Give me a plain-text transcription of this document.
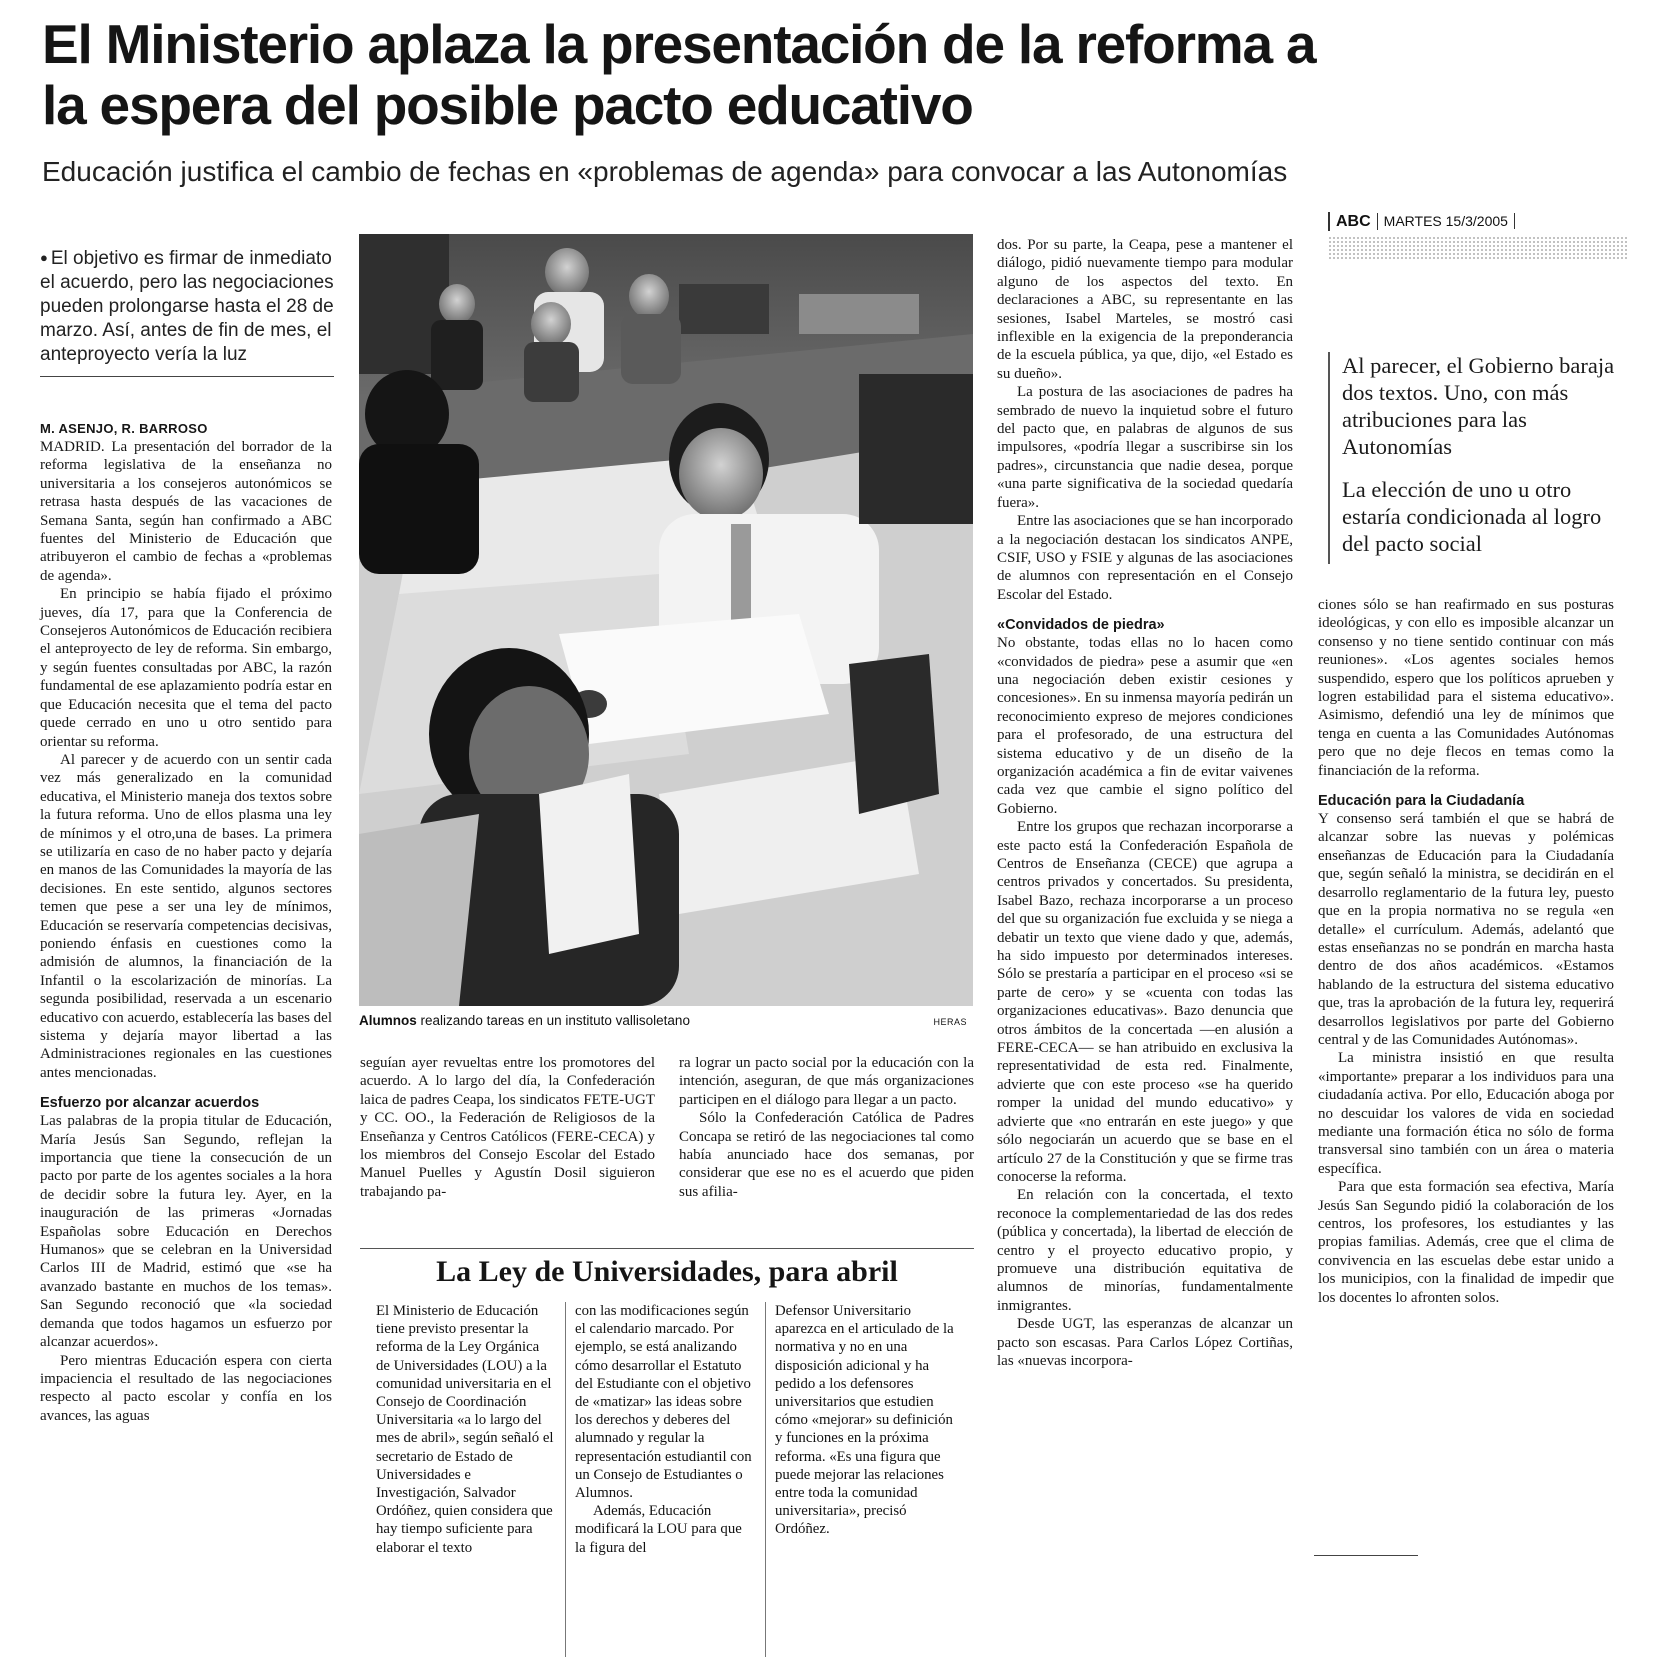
El Ministerio aplaza la presentación de la reforma a la espera del posible pacto educativo

Educación justifica el cambio de fechas en «problemas de agenda» para convocar a las Autonomías

ABC MARTES 15/3/2005

● El objetivo es firmar de inmediato el acuerdo, pero las negociaciones pueden prolongarse hasta el 28 de marzo. Así, antes de fin de mes, el anteproyecto vería la luz

M. ASENJO, R. BARROSO

MADRID. La presentación del borrador de la reforma legislativa de la enseñanza no universitaria a los consejeros autonómicos se retrasa hasta después de las vacaciones de Semana Santa, según han confirmado a ABC fuentes del Ministerio de Educación que atribuyeron el cambio de fechas a «problemas de agenda».

En principio se había fijado el próximo jueves, día 17, para que la Conferencia de Consejeros Autonómicos de Educación recibiera el anteproyecto de ley de reforma. Sin embargo, y según fuentes consultadas por ABC, la razón fundamental de ese aplazamiento podría estar en que Educación necesita que el tema del pacto quede cerrado en uno u otro sentido para orientar su reforma.

Al parecer y de acuerdo con un sentir cada vez más generalizado en la comunidad educativa, el Ministerio maneja dos textos sobre la futura reforma. Uno de ellos plasma una ley de mínimos y el otro,una de bases. La primera se utilizaría en caso de no haber pacto y dejaría en manos de las Comunidades la mayoría de las decisiones. En este sentido, algunos sectores temen que pese a ser una ley de mínimos, Educación se reservaría competencias decisivas, poniendo énfasis en cuestiones como la admisión de alumnos, la financiación de la Infantil o la escolarización de minorías. La segunda posibilidad, reservada a un escenario educativo con acuerdo, establecería las bases del sistema y dejaría mayor libertad a las Administraciones regionales en las cuestiones antes mencionadas.

Esfuerzo por alcanzar acuerdos

Las palabras de la propia titular de Educación, María Jesús San Segundo, reflejan la importancia que tiene la consecución de un pacto por parte de los agentes sociales a la hora de decidir sobre la futura ley. Ayer, en la inauguración de las primeras «Jornadas Españolas sobre Educación en Derechos Humanos» que se celebran en la Universidad Carlos III de Madrid, estimó que «se ha avanzado bastante en muchos de los temas». San Segundo reconoció que «la sociedad demanda que todos hagamos un esfuerzo por alcanzar acuerdos».

Pero mientras Educación espera con cierta impaciencia el resultado de las negociaciones respecto al pacto escolar y confía en los avances, las aguas

Alumnos realizando tareas en un instituto vallisoletano	HERAS

seguían ayer revueltas entre los promotores del acuerdo. A lo largo del día, la Confederación laica de padres Ceapa, los sindicatos FETE-UGT y CC. OO., la Federación de Religiosos de la Enseñanza y Centros Católicos (FERE-CECA) y los miembros del Consejo Escolar del Estado Manuel Puelles y Agustín Dosil siguieron trabajando pa-

ra lograr un pacto social por la educación con la intención, aseguran, de que más organizaciones participen en el diálogo para llegar a un pacto.

Sólo la Confederación Católica de Padres Concapa se retiró de las negociaciones tal como había anunciado hace dos semanas, por considerar que ese no es el acuerdo que piden sus afilia-

dos. Por su parte, la Ceapa, pese a mantener el diálogo, pidió nuevamente tiempo para modular alguno de los aspectos del texto. En declaraciones a ABC, su representante en las sesiones, Isabel Marteles, se mostró casi inflexible en la exigencia de la preponderancia de la escuela pública, ya que, dijo, «el Estado es su dueño».

La postura de las asociaciones de padres ha sembrado de nuevo la inquietud sobre el futuro del pacto que, en palabras de algunos de sus impulsores, «podría llegar a suscribirse sin los padres», circunstancia que nadie desea, porque «una parte significativa de la sociedad quedaría fuera».

Entre las asociaciones que se han incorporado a la negociación destacan los sindicatos ANPE, CSIF, USO y FSIE y algunas de las asociaciones de alumnos con representación en el Consejo Escolar del Estado.

«Convidados de piedra»

No obstante, todas ellas no lo hacen como «convidados de piedra» pese a asumir que «en una negociación deben existir cesiones y concesiones». En su inmensa mayoría pedirán un reconocimiento expreso de mejores condiciones para el profesorado, de una estructura del sistema educativo y de un diseño de la organización académica a fin de evitar vaivenes cada vez que cambie el signo político del Gobierno.

Entre los grupos que rechazan incorporarse a este pacto está la Confederación Española de Centros de Enseñanza (CECE) que agrupa a centros privados y concertados. Su presidenta, Isabel Bazo, rechaza incorporarse a un proceso del que su organización fue excluida y se niega a debatir un texto que viene dado y que, además, ha sido impuesto por determinados intereses. Sólo se prestaría a participar en el proceso «si se parte de cero» y se «cuenta con todas las organizaciones educativas». Bazo denuncia que otros ámbitos de la concertada —en alusión a FERE-CECA— se han atribuido en exclusiva la representatividad de esta red. Finalmente, advierte que con este proceso «se ha querido romper la unidad del mundo educativo» y advierte que «no entrarán en este juego» y que sólo negociarán un acuerdo que se base en el artículo 27 de la Constitución y que se firme tras conocerse la reforma.

En relación con la concertada, el texto reconoce la complementariedad de las dos redes (pública y concertada), la libertad de elección de centro y el proyecto educativo propio, y promueve una distribución equitativa de alumnos de minorías, fundamentalmente inmigrantes.

Desde UGT, las esperanzas de alcanzar un pacto son escasas. Para Carlos López Cortiñas, las «nuevas incorpora-

Al parecer, el Gobierno baraja dos textos. Uno, con más atribuciones para las Autonomías

La elección de uno u otro estaría condicionada al logro del pacto social

ciones sólo se han reafirmado en sus posturas ideológicas, y con ello es imposible alcanzar un consenso y no tiene sentido continuar con más reuniones». «Los agentes sociales hemos suspendido, espero que los políticos aprueben y logren estabilidad para el sistema educativo». Asimismo, defendió una ley de mínimos que tenga en cuenta a las Comunidades Autónomas pero que no deje flecos en temas como la financiación de la reforma.

Educación para la Ciudadanía

Y consenso será también el que se habrá de alcanzar sobre las nuevas y polémicas enseñanzas de Educación para la Ciudadanía que, según señaló la ministra, se decidirán en el desarrollo reglamentario de la futura ley, puesto que en la propia normativa no se regula «en detalle» el currículum. Además, adelantó que estas enseñanzas no se pondrán en marcha hasta dentro de dos años académicos. «Estamos hablando de la estructura del sistema educativo que, tras la aprobación de la futura ley, requerirá desarrollos legislativos por parte del Gobierno central y de las Comunidades Autónomas».

La ministra insistió en que resulta «importante» preparar a los individuos para una ciudadanía activa. Por ello, Educación aboga por no descuidar los valores de vida en sociedad mediante una formación ética no sólo de forma transversal sino también con un área o materia específica.

Para que esta formación sea efectiva, María Jesús San Segundo pidió la colaboración de los centros, los profesores, los estudiantes y las propias familias. Además, cree que el clima de convivencia en las escuelas debe estar unido a los municipios, con la finalidad de impedir que los docentes lo afronten solos.

La Ley de Universidades, para abril

El Ministerio de Educación tiene previsto presentar la reforma de la Ley Orgánica de Universidades (LOU) a la comunidad universitaria en el Consejo de Coordinación Universitaria «a lo largo del mes de abril», según señaló el secretario de Estado de Universidades e Investigación, Salvador Ordóñez, quien considera que hay tiempo suficiente para elaborar el texto

con las modificaciones según el calendario marcado. Por ejemplo, se está analizando cómo desarrollar el Estatuto del Estudiante con el objetivo de «matizar» las ideas sobre los derechos y deberes del alumnado y regular la representación estudiantil con un Consejo de Estudiantes o Alumnos.

Además, Educación modificará la LOU para que la figura del

Defensor Universitario aparezca en el articulado de la normativa y no en una disposición adicional y ha pedido a los defensores universitarios que estudien cómo «mejorar» su definición y funciones en la próxima reforma. «Es una figura que puede mejorar las relaciones entre toda la comunidad universitaria», precisó Ordóñez.
